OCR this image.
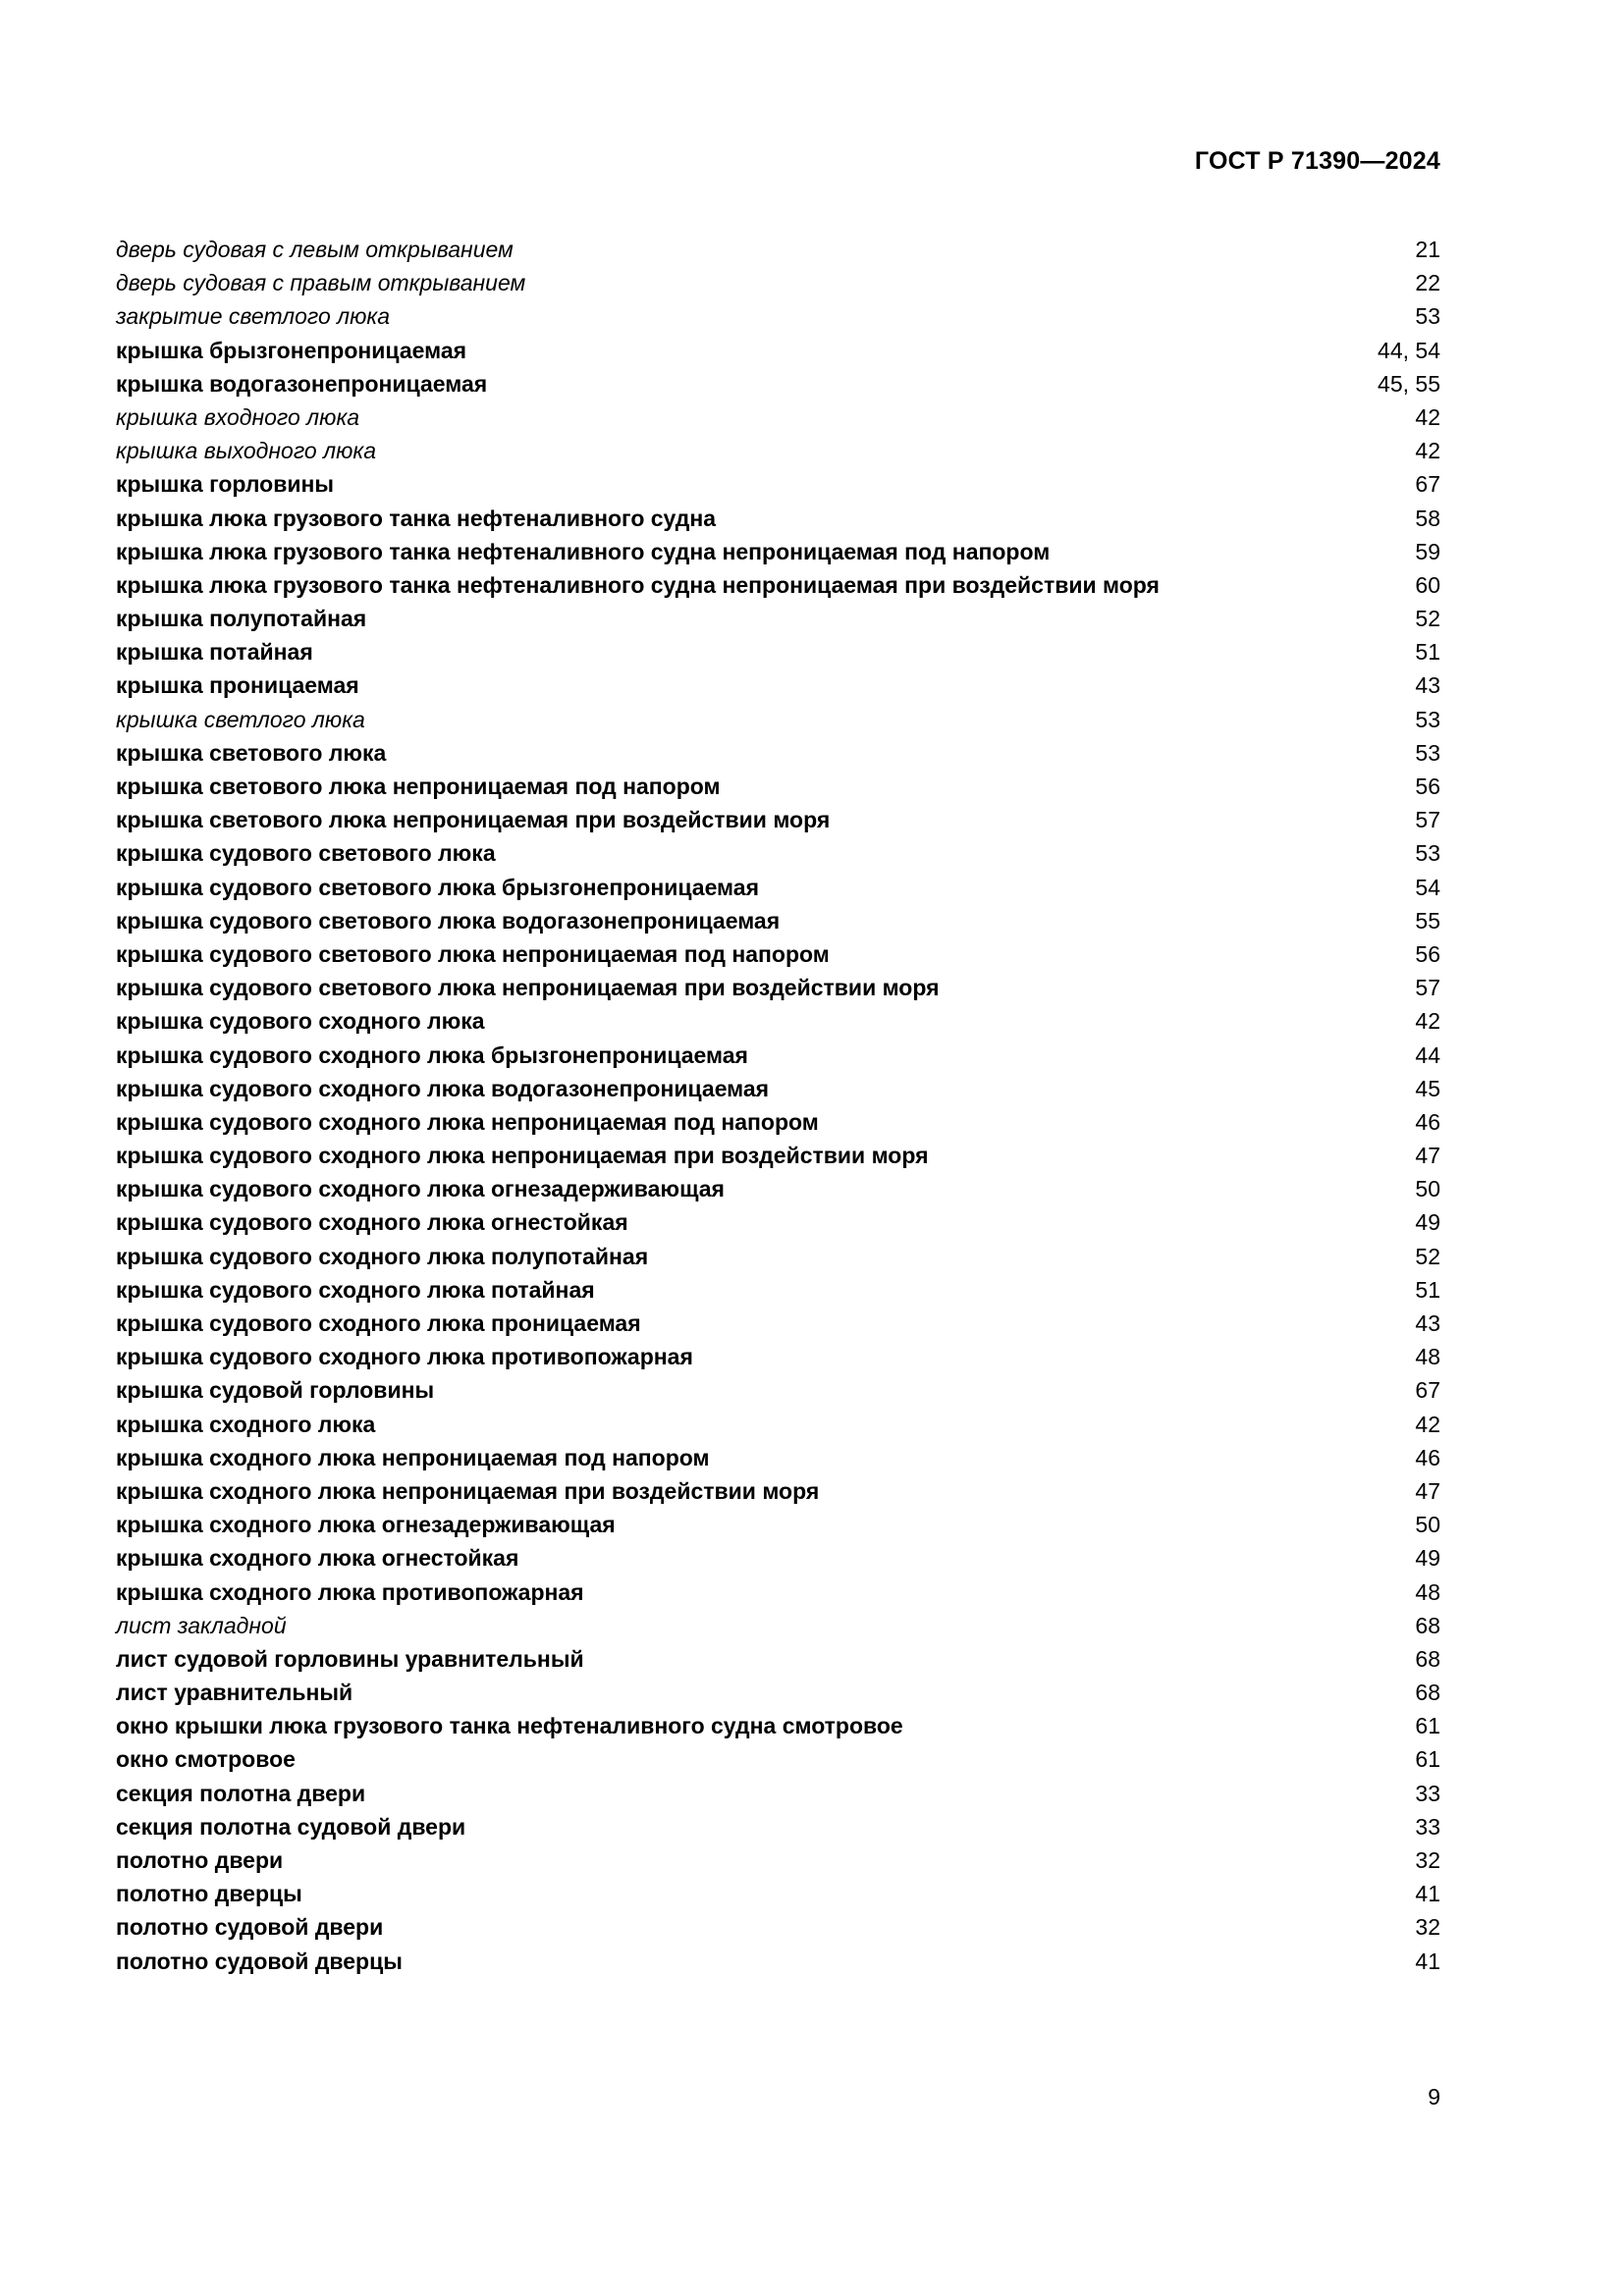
ГОСТ Р 71390—2024
дверь судовая с левым открыванием	21
дверь судовая с правым открыванием	22
закрытие светлого люка	53
крышка брызгонепроницаемая	44, 54
крышка водогазонепроницаемая	45, 55
крышка входного люка	42
крышка выходного люка	42
крышка горловины	67
крышка люка грузового танка нефтеналивного судна	58
крышка люка грузового танка нефтеналивного судна непроницаемая под напором	59
крышка люка грузового танка нефтеналивного судна непроницаемая при воздействии моря	60
крышка полупотайная	52
крышка потайная	51
крышка проницаемая	43
крышка светлого люка	53
крышка светового люка	53
крышка светового люка непроницаемая под напором	56
крышка светового люка непроницаемая при воздействии моря	57
крышка судового светового люка	53
крышка судового светового люка брызгонепроницаемая	54
крышка судового светового люка водогазонепроницаемая	55
крышка судового светового люка непроницаемая под напором	56
крышка судового светового люка непроницаемая при воздействии моря	57
крышка судового сходного люка	42
крышка судового сходного люка брызгонепроницаемая	44
крышка судового сходного люка водогазонепроницаемая	45
крышка судового сходного люка непроницаемая под напором	46
крышка судового сходного люка непроницаемая при воздействии моря	47
крышка судового сходного люка огнезадерживающая	50
крышка судового сходного люка огнестойкая	49
крышка судового сходного люка полупотайная	52
крышка судового сходного люка потайная	51
крышка судового сходного люка проницаемая	43
крышка судового сходного люка противопожарная	48
крышка судовой горловины	67
крышка сходного люка	42
крышка сходного люка непроницаемая под напором	46
крышка сходного люка непроницаемая при воздействии моря	47
крышка сходного люка огнезадерживающая	50
крышка сходного люка огнестойкая	49
крышка сходного люка противопожарная	48
лист закладной	68
лист судовой горловины уравнительный	68
лист уравнительный	68
окно крышки люка грузового танка нефтеналивного судна смотровое	61
окно смотровое	61
секция полотна двери	33
секция полотна судовой двери	33
полотно двери	32
полотно дверцы	41
полотно судовой двери	32
полотно судовой дверцы	41
9
